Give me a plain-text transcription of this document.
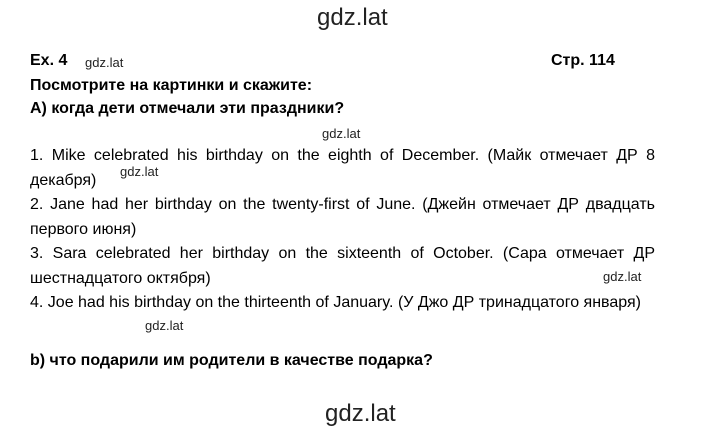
gdz.lat
gdz.lat
gdz.lat
gdz.lat
gdz.lat
gdz.lat
gdz.lat
Ex. 4	Стр. 114
Посмотрите на картинки и скажите:
А) когда дети отмечали эти праздники?
1. Mike celebrated his birthday on the eighth of December. (Майк отмечает ДР 8 декабря)
2. Jane had her birthday on the twenty-first of June. (Джейн отмечает ДР двадцать первого июня)
3. Sara celebrated her birthday on the sixteenth of October. (Сара отмечает ДР шестнадцатого октября)
4. Joe had his birthday on the thirteenth of January. (У Джо ДР тринадцатого января)
b) что подарили им родители в качестве подарка?
